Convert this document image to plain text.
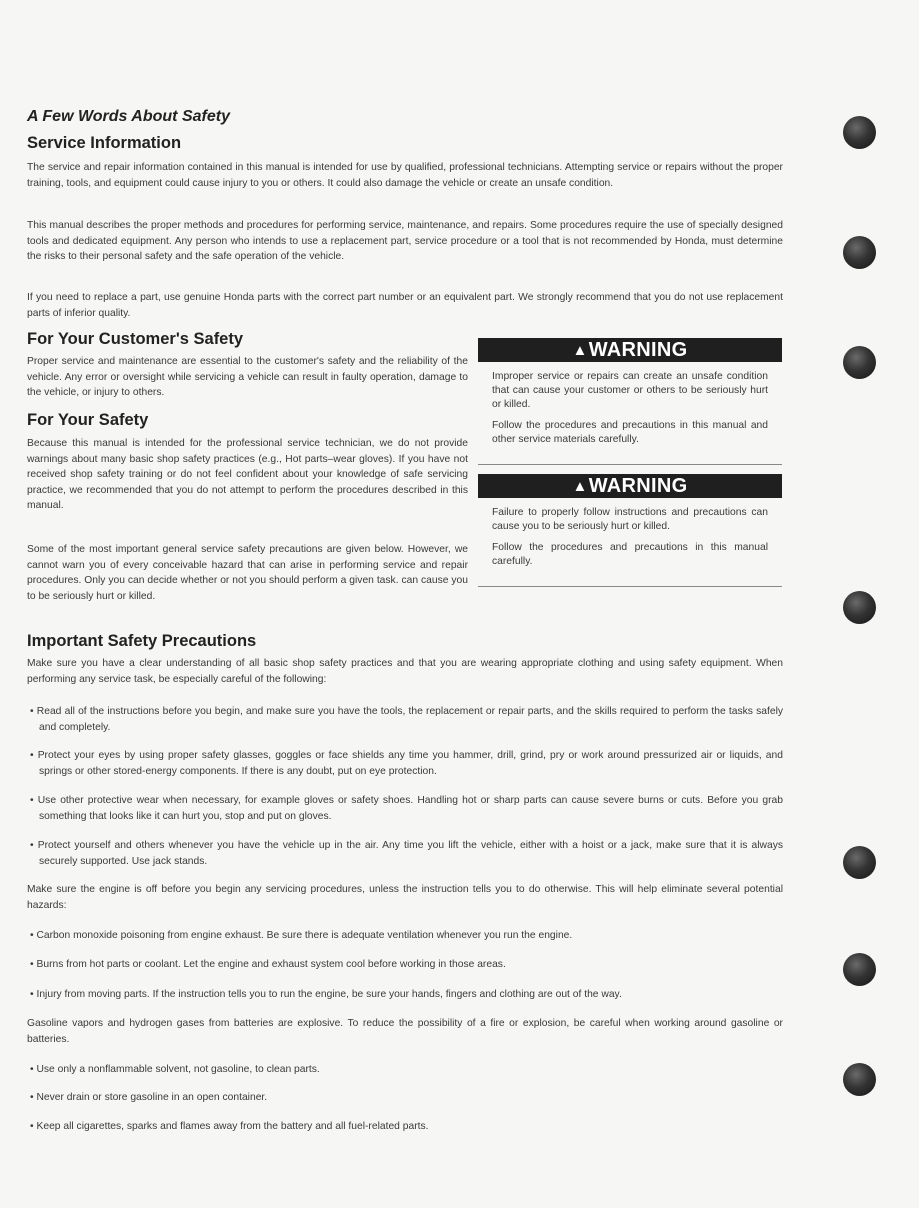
A Few Words About Safety
Service Information
The service and repair information contained in this manual is intended for use by qualified, professional technicians. Attempting service or repairs without the proper training, tools, and equipment could cause injury to you or others. It could also damage the vehicle or create an unsafe condition.
This manual describes the proper methods and procedures for performing service, maintenance, and repairs. Some procedures require the use of specially designed tools and dedicated equipment. Any person who intends to use a replacement part, service procedure or a tool that is not recommended by Honda, must determine the risks to their personal safety and the safe operation of the vehicle.
If you need to replace a part, use genuine Honda parts with the correct part number or an equivalent part. We strongly recommend that you do not use replacement parts of inferior quality.
For Your Customer's Safety
Proper service and maintenance are essential to the customer's safety and the reliability of the vehicle. Any error or oversight while servicing a vehicle can result in faulty operation, damage to the vehicle, or injury to others.
For Your Safety
Because this manual is intended for the professional service technician, we do not provide warnings about many basic shop safety practices (e.g., Hot parts–wear gloves). If you have not received shop safety training or do not feel confident about your knowledge of safe servicing practice, we recommended that you do not attempt to perform the procedures described in this manual.
Some of the most important general service safety precautions are given below. However, we cannot warn you of every conceivable hazard that can arise in performing service and repair procedures. Only you can decide whether or not you should perform a given task. can cause you to be seriously hurt or killed.
▲WARNING

Improper service or repairs can create an unsafe condition that can cause your customer or others to be seriously hurt or killed.

Follow the procedures and precautions in this manual and other service materials carefully.

▲WARNING

Failure to properly follow instructions and precautions can cause you to be seriously hurt or killed.

Follow the procedures and precautions in this manual carefully.

Important Safety Precautions
Make sure you have a clear understanding of all basic shop safety practices and that you are wearing appropriate clothing and using safety equipment. When performing any service task, be especially careful of the following:
• Read all of the instructions before you begin, and make sure you have the tools, the replacement or repair parts, and the skills required to perform the tasks safely and completely.
• Protect your eyes by using proper safety glasses, goggles or face shields any time you hammer, drill, grind, pry or work around pressurized air or liquids, and springs or other stored-energy components. If there is any doubt, put on eye protection.
• Use other protective wear when necessary, for example gloves or safety shoes. Handling hot or sharp parts can cause severe burns or cuts. Before you grab something that looks like it can hurt you, stop and put on gloves.
• Protect yourself and others whenever you have the vehicle up in the air. Any time you lift the vehicle, either with a hoist or a jack, make sure that it is always securely supported. Use jack stands.
Make sure the engine is off before you begin any servicing procedures, unless the instruction tells you to do otherwise. This will help eliminate several potential hazards:
• Carbon monoxide poisoning from engine exhaust. Be sure there is adequate ventilation whenever you run the engine.
• Burns from hot parts or coolant. Let the engine and exhaust system cool before working in those areas.
• Injury from moving parts. If the instruction tells you to run the engine, be sure your hands, fingers and clothing are out of the way.
Gasoline vapors and hydrogen gases from batteries are explosive. To reduce the possibility of a fire or explosion, be careful when working around gasoline or batteries.
• Use only a nonflammable solvent, not gasoline, to clean parts.
• Never drain or store gasoline in an open container.
• Keep all cigarettes, sparks and flames away from the battery and all fuel-related parts.
